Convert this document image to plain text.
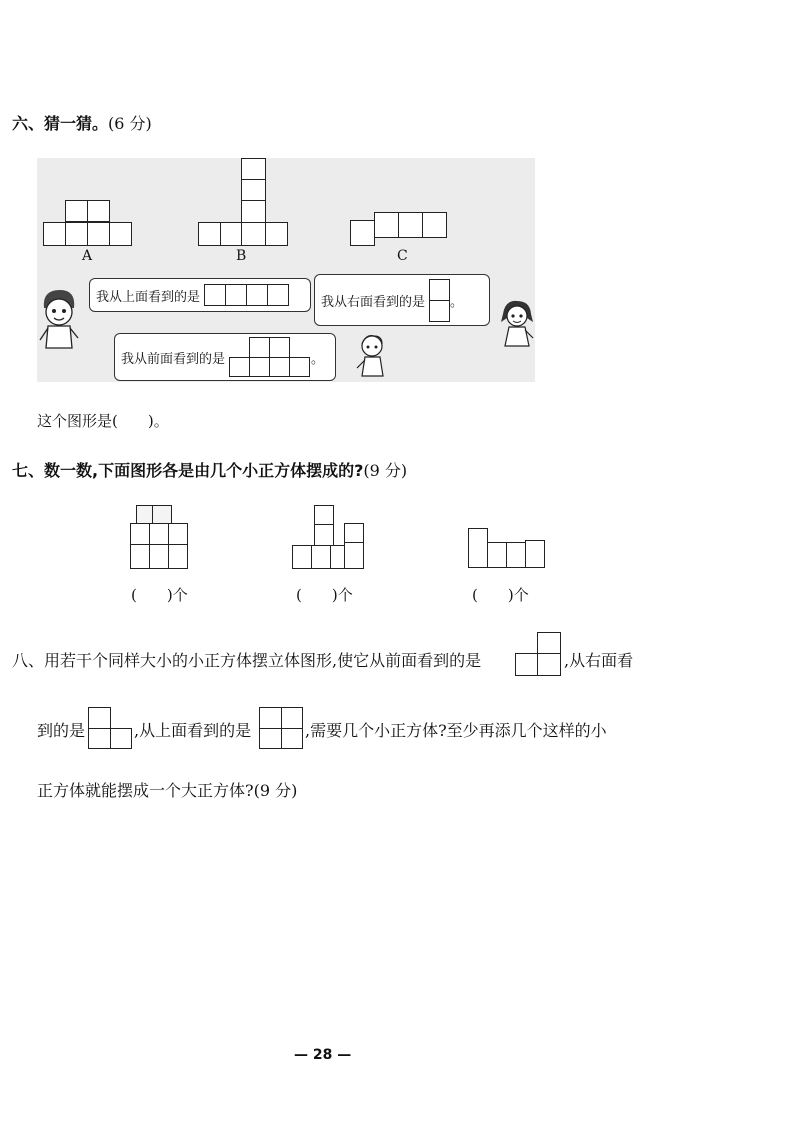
六、猜一猜。(6 分)
A	B	C
我从上面看到的是	我从右面看到的是 。
我从前面看到的是	。
这个图形是(　　)。
七、数一数,下面图形各是由几个小正方体摆成的?(9 分)
(　　)个	(　　)个	(　　)个
八、用若干个同样大小的小正方体摆立体图形,使它从前面看到的是	,从右面看
到的是	,从上面看到的是	,需要几个小正方体?至少再添几个这样的小
正方体就能摆成一个大正方体?(9 分)
— 28 —
